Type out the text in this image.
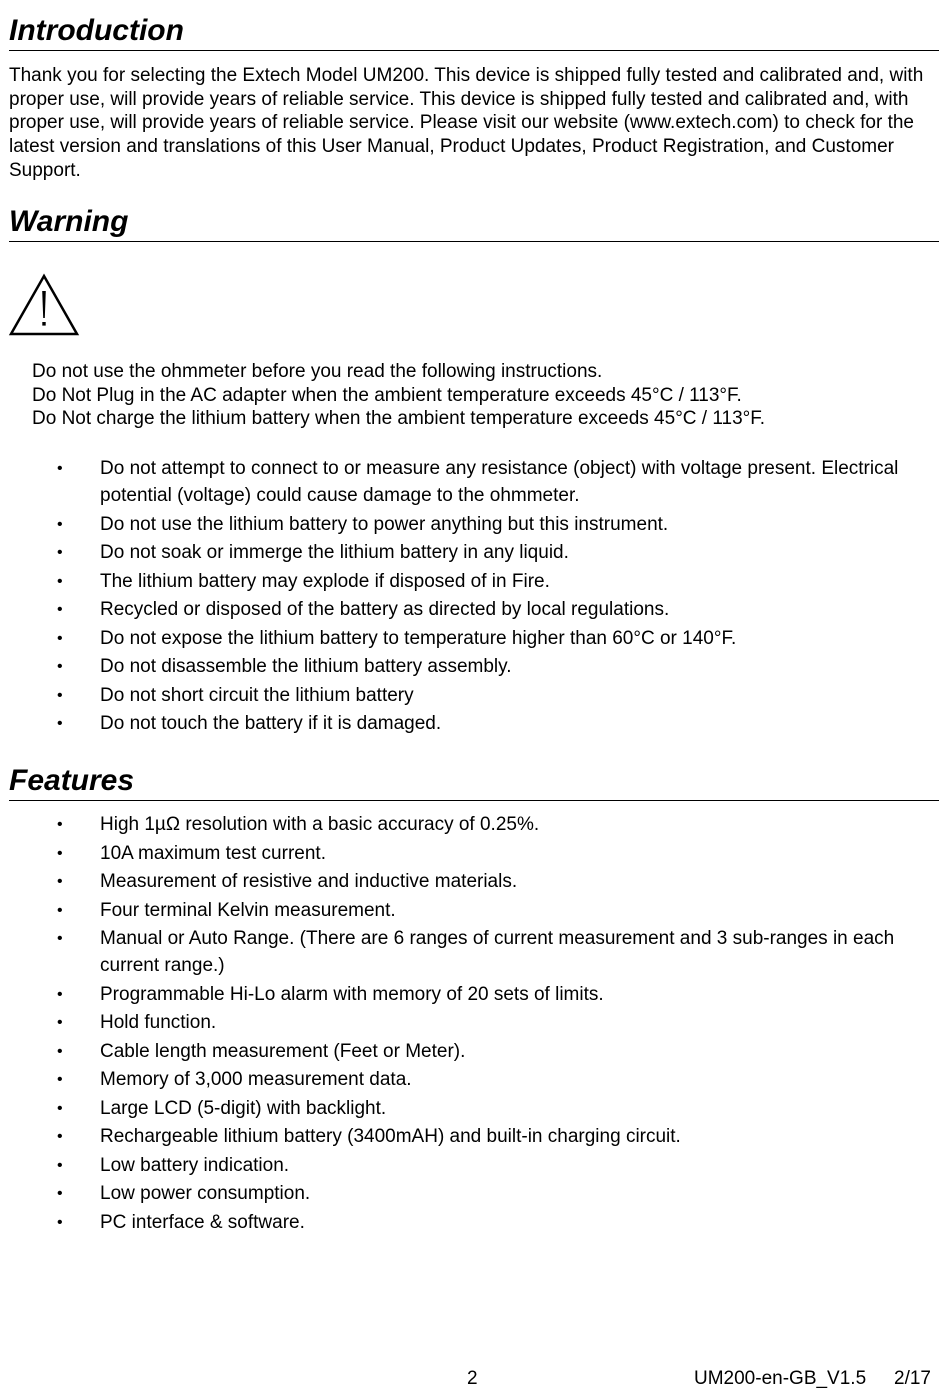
Introduction

Thank you for selecting the Extech Model UM200. This device is shipped fully tested and calibrated and, with proper use, will provide years of reliable service. This device is shipped fully tested and calibrated and, with proper use, will provide years of reliable service. Please visit our website (www.extech.com) to check for the latest version and translations of this User Manual, Product Updates, Product Registration, and Customer Support.

Warning
Do not use the ohmmeter before you read the following instructions.
Do Not Plug in the AC adapter when the ambient temperature exceeds 45°C / 113°F.
Do Not charge the lithium battery when the ambient temperature exceeds 45°C / 113°F.
• Do not attempt to connect to or measure any resistance (object) with voltage present. Electrical potential (voltage) could cause damage to the ohmmeter.
• Do not use the lithium battery to power anything but this instrument.
• Do not soak or immerge the lithium battery in any liquid.
• The lithium battery may explode if disposed of in Fire.
• Recycled or disposed of the battery as directed by local regulations.
• Do not expose the lithium battery to temperature higher than 60°C or 140°F.
• Do not disassemble the lithium battery assembly.
• Do not short circuit the lithium battery
• Do not touch the battery if it is damaged.
Features
• High 1µΩ resolution with a basic accuracy of 0.25%.
• 10A maximum test current.
• Measurement of resistive and inductive materials.
• Four terminal Kelvin measurement.
• Manual or Auto Range. (There are 6 ranges of current measurement and 3 sub-ranges in each current range.)
• Programmable Hi-Lo alarm with memory of 20 sets of limits.
• Hold function.
• Cable length measurement (Feet or Meter).
• Memory of 3,000 measurement data.
• Large LCD (5-digit) with backlight.
• Rechargeable lithium battery (3400mAH) and built-in charging circuit.
• Low battery indication.
• Low power consumption.
• PC interface & software.
2	UM200-en-GB_V1.5 2/17
